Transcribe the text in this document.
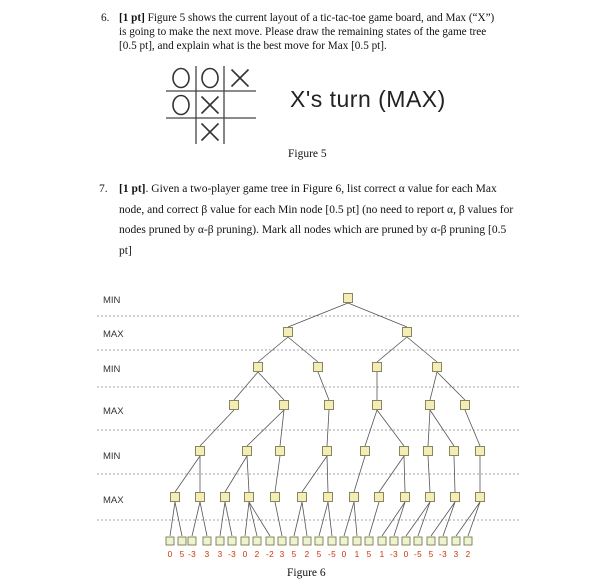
6. [1 pt] Figure 5 shows the current layout of a tic-tac-toe game board, and Max (“X”) is going to make the next move. Please draw the remaining states of the game tree [0.5 pt], and explain what is the best move for Max [0.5 pt].
X's turn (MAX)
Figure 5
7. [1 pt]. Given a two-player game tree in Figure 6, list correct α value for each Max node, and correct β value for each Min node [0.5 pt] (no need to report α, β values for nodes pruned by α-β pruning). Mark all nodes which are pruned by α-β pruning [0.5 pt]
MIN
MAX
MIN
MAX
MIN
MAX
0 5 -3 3 3 -3 0 2 -2 3 5 2 5 -5 0 1 5 1 -3 0 -5 5 -3 3 2
Figure 6
